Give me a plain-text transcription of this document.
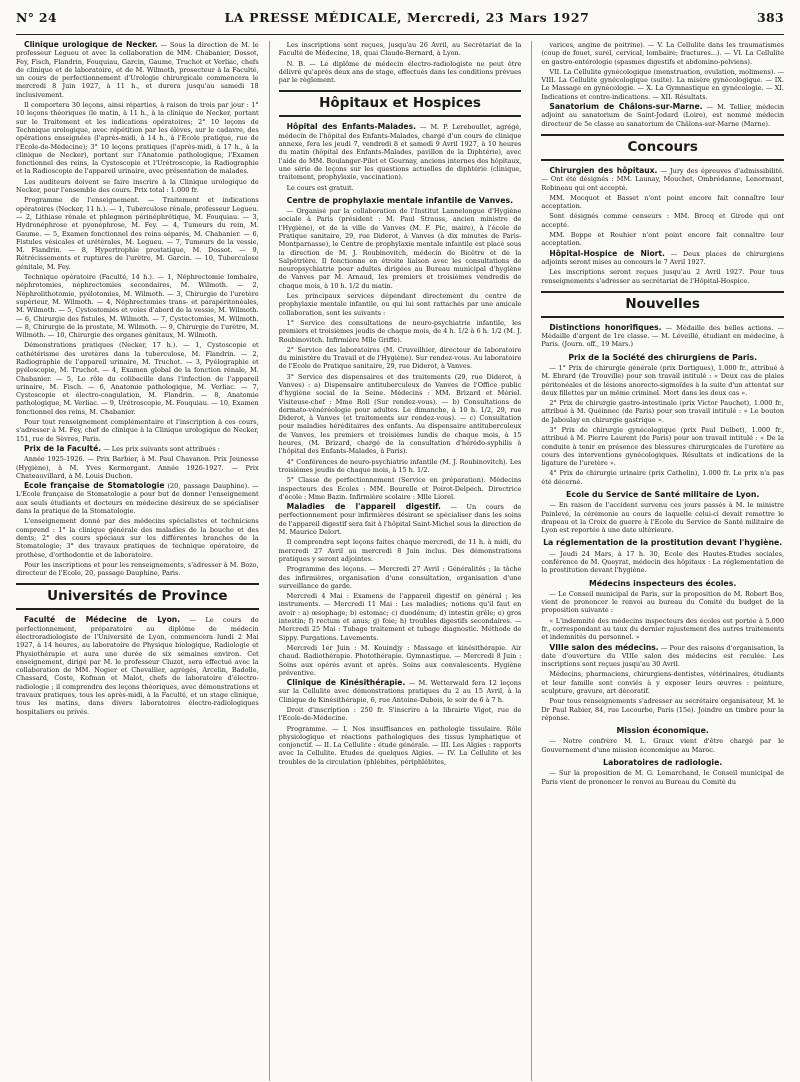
N° 24	LA PRESSE MÉDICALE, Mercredi, 23 Mars 1927	383

Clinique urologique de Necker. — Sous la direction de M. le professeur Legueu et avec la collaboration de MM. Chabanier, Dossot, Fey, Fisch, Flandrin, Fouquiau, Garcin, Gaume, Truchot et Verliac, chefs de clinique et de laboratoire, et de M. Wilmoth, prosecteur à la Faculté, un cours de perfectionnement d'Urologie chirurgicale commencera le mercredi 8 Juin 1927, à 11 h., et durera jusqu'au samedi 18 inclusivement.

Il comportera 30 leçons, ainsi réparties, à raison de trois par jour : 1° 10 leçons théoriques (le matin, à 11 h., à la clinique de Necker, portant sur le Traitement et les indications opératoires; 2° 10 leçons de Technique urologique, avec répétition par les élèves, sur le cadavre, des opérations enseignées (l'après-midi, à 14 h., à l'Ecole pratique, rue de l'Ecole-de-Médecine); 3° 10 leçons pratiques (l'après-midi, à 17 h., à la clinique de Necker), portant sur l'Anatomie pathologique, l'Examen fonctionnel des reins, la Cystoscopie et l'Urétroscopie, la Radiographie et la Radioscopie de l'appareil urinaire, avec présentation de malades.

Les auditeurs doivent se faire inscrire à la Clinique urologique de Necker, pour l'ensemble des cours. Prix total : 1.000 fr.

Programme de l'enseignement. — Traitement et indications opératoires (Necker, 11 h.). — 1, Tuberculose rénale, professeur Legueu. — 2, Lithiase rénale et phlegmon périnéphrétique, M. Fouquiau. — 3, Hydronéphrose et pyonéphrose, M. Fey. — 4, Tumeurs du rein, M. Gaume. — 5, Examen fonctionnel des reins séparés, M. Chabanier. — 6, Fistules vésicales et urétérales, M. Legueu. — 7, Tumeurs de la vessie, M. Flandrin. — 8, Hypertrophie prostatique, M. Dossot. — 9, Rétrécissements et ruptures de l'urètre, M. Garcin. — 10, Tuberculose génitale, M. Fey.

Technique opératoire (Faculté, 14 h.). — 1, Néphrectomie lombaire, néphrotomies, néphrectomies secondaires, M. Wilmoth. — 2, Néphrolithotomie, pyélotomies, M. Wilmoth. — 3, Chirurgie de l'uretère supérieur, M. Wilmoth. — 4, Néphrectomies trans- et parapéritonéales, M. Wilmoth. — 5, Cystostomies et voies d'abord de la vessie, M. Wilmoth. — 6, Chirurgie des fistules, M. Wilmoth. — 7, Cystectomies, M. Wilmoth. — 8, Chirurgie de la prostate, M. Wilmoth. — 9, Chirurgie de l'urètre, M. Wilmoth. — 10, Chirurgie des organes génitaux, M. Wilmoth.

Démonstrations pratiques (Necker, 17 h.). — 1, Cystoscopie et cathétérisme des uretères dans la tuberculose, M. Flandrin. — 2, Radiographie de l'appareil urinaire, M. Truchot. — 3, Pyélographie et pyéloscopie, M. Truchot. — 4, Examen global de la fonction rénale, M. Chabanier. — 5, Le rôle du colibacille dans l'infection de l'appareil urinaire, M. Fisch. — 6, Anatomie pathologique, M. Verliac. — 7, Cystoscopie et électro-coagulation, M. Flandrin. — 8, Anatomie pathologique, M. Verliac. — 9, Urétroscopie, M. Fouquiau. — 10, Examen fonctionnel des reins, M. Chabanier.

Pour tout renseignement complémentaire et l'inscription à ces cours, s'adresser à M. Fey, chef de clinique à la Clinique urologique de Necker, 151, rue de Sèvres, Paris.

Prix de la Faculté. — Les prix suivants sont attribués :

Année 1925-1926. — Prix Barbier, à M. Paul Chavanon. Prix Jeunesse (Hygiène), à M. Yves Kermorgant. Année 1926-1927. — Prix Chateauvillard, à M. Louis Duchon.

Ecole française de Stomatologie (20, passage Dauphine). — L'Ecole française de Stomatologie a pour but de donner l'enseignement aux seuls étudiants et docteurs en médecine désireux de se spécialiser dans la pratique de la Stomatologie.

L'enseignement donné par des médecins spécialistes et techniciens comprend : 1° la clinique générale des maladies de la bouche et des dents; 2° des cours spéciaux sur les différentes branches de la Stomatologie; 3° des travaux pratiques de technique opératoire, de prothèse, d'orthodontie et de laboratoire.

Pour les inscriptions et pour les renseignements, s'adresser à M. Bozo, directeur de l'Ecole, 20, passage Dauphine, Paris.

Universités de Province

Faculté de Médecine de Lyon. — Le cours de perfectionnement, préparatoire au diplôme de médecin électroradiologiste de l'Université de Lyon, commencera lundi 2 Mai 1927, à 14 heures, au laboratoire de Physique biologique, Radiologie et Physiothérapie et aura une durée de six semaines environ. Cet enseignement, dirigé par M. le professeur Cluzet, sera effectué avec la collaboration de MM. Nogier et Chevallier, agrégés, Arcelin, Badolle, Chassard, Coste, Kofman et Malot, chefs de laboratoire d'électro-radiologie ; il comprendra des leçons théoriques, avec démonstrations et travaux pratiques, tous les après-midi, à la Faculté, et un stage clinique, tous les matins, dans divers laboratoires électro-radiologiques hospitaliers ou privés.

Les inscriptions sont reçues, jusqu'au 26 Avril, au Secrétariat de la Faculté de Médecine, 18, quai Claude-Bernard, à Lyon.

N. B. — Le diplôme de médecin électro-radiologiste ne peut être délivré qu'après deux ans de stage, effectués dans les conditions prévues par le règlement.

Hôpitaux et Hospices

Hôpital des Enfants-Malades. — M. P. Lereboullet, agrégé, médecin de l'hôpital des Enfants-Malades, chargé d'un cours de clinique annexe, fera les jeudi 7, vendredi 8 et samedi 9 Avril 1927, à 10 heures du matin (hôpital des Enfants-Malades, pavillon de la Diphtérie), avec l'aide de MM. Boulanger-Pilet et Gournay, anciens internes des hôpitaux, une série de leçons sur les questions actuelles de diphtérie (clinique, traitement, prophylaxie, vaccination).

Le cours est gratuit.

Centre de prophylaxie mentale infantile de Vanves.

— Organisé par la collaboration de l'Institut Lannelongue d'Hygiène sociale à Paris (président : M. Paul Strauss, ancien ministre de l'Hygiène), et de la ville de Vanves (M. F. Pic, maire), à l'école de Pratique sanitaire, 29, rue Diderot, à Vanves (à dix minutes de Paris-Montparnasse), le Centre de prophylaxie mentale infantile est placé sous la direction de M. J. Roubinovitch, médecin de Bicêtre et de la Salpêtrière. Il fonctionne en étroite liaison avec les consultations de neuropsychiatrie pour adultes dirigées au Bureau municipal d'hygiène de Vanves par M. Arnaud, les premiers et troisièmes vendredis de chaque mois, à 10 h. 1/2 du matin.

Les principaux services dépendant directement du centre de prophylaxie mentale infantile, ou qui lui sont rattachés par une amicale collaboration, sont les suivants :

1° Service des consultations de neuro-psychiatrie infantile, les premiers et troisièmes jeudis de chaque mois, de 4 h. 1/2 à 6 h. 1/2 (M. J. Roubinovitch. Infirmière Mlle Griffe).

2° Service des laboratoires (M. Cruveilhier, directeur de laboratoire du ministère du Travail et de l'Hygiène). Sur rendez-vous. Au laboratoire de l'Ecole de Pratique sanitaire, 29, rue Diderot, à Vanves.

3° Service des dispensaires et des traitements (29, rue Diderot, à Vanves) : a) Dispensaire antituberculeux de Vanves de l'Office public d'hygiène social de la Seine. Médecins : MM. Brizard et Mériel. Visiteuse-chef : Mme Roll (Sur rendez-vous). — b) Consultations de dermato-vénéréologie pour adultes. Le dimanche, à 10 h. 1/2, 29, rue Diderot, à Vanves (et traitements sur rendez-vous). — c) Consultation pour maladies héréditaires des enfants. Au dispensaire antituberculeux de Vanves, les premiers et troisièmes lundis de chaque mois, à 15 heures, (M. Brizard, chargé de la consultation d'hérédo-syphilis à l'hôpital des Enfants-Malades, à Paris).

4° Conférences de neuro-psychiatrie infantile (M. J. Roubinovitch). Les troisièmes jeudis de chaque mois, à 15 h. 1/2.

5° Classe de perfectionnement (Service en préparation). Médecins inspecteurs des Ecoles : MM. Bourelle et Poirot-Delpech. Directrice d'école : Mme Bazin. Infirmière scolaire : Mlle Liorel.

Maladies de l'appareil digestif. — Un cours de perfectionnement pour infirmières désirant se spécialiser dans les soins de l'appareil digestif sera fait à l'hôpital Saint-Michel sous la direction de M. Maurice Delort.

Il comprendra sept leçons faites chaque mercredi, de 11 h. à midi, du mercredi 27 Avril au mercredi 8 Juin inclus. Des démonstrations pratiques y seront adjointes.

Programme des leçons. — Mercredi 27 Avril : Généralités ; la tâche des infirmières, organisation d'une consultation, organisation d'une surveillance de garde.

Mercredi 4 Mai : Examens de l'appareil digestif en général ; les instruments. — Mercredi 11 Mai : Les maladies; notions qu'il faut en avoir : a) œsophage; b) estomac; c) duodénum; d) intestin grêle; e) gros intestin; f) rectum et anus; g) foie; h) troubles digestifs secondaires. — Mercredi 25 Mai : Tubage traitement et tubage diagnostic. Méthode de Sippy. Purgations. Lavements.

Mercredi 1er Juin : M. Kouindjy : Massage et kinésithérapie. Air chaud. Radiothérapie. Photothérapie. Gymnastique. — Mercredi 8 Juin : Soins aux opérés avant et après. Soins aux convalescents. Hygiène préventive.

Clinique de Kinésithérapie. — M. Wetterwald fera 12 leçons sur la Cellulite avec démonstrations pratiques du 2 au 15 Avril, à la Clinique de Kinésithérapie, 6, rue Antoine-Dubois, le soir de 6 à 7 h.

Droit d'inscription : 250 fr. S'inscrire à la librairie Vigot, rue de l'Ecole-de-Médecine.

Programme. — I. Nos insuffisances en pathologie tissulaire. Rôle physiologique et réactions pathologiques des tissus lymphatique et conjonctif. — II. La Cellulite : étude générale. — III. Les Algies : rapports avec la Cellulite. Etudes de quelques Algies. — IV. La Cellulite et les troubles de la circulation (phlébites, périphlébites,

varices, angine de poitrine). — V. La Cellulite dans les traumatismes (coup de fouet, surel, cervical, lombaire; fractures...). — VI. La Cellulite en gastro-entérologie (spasmes digestifs et abdomino-pelviens).

VII. La Cellulite gynécologique (menstruation, ovulation, molimens). — VIII. La Cellulite gynécologique (suite). La misère gynécologique. — IX. Le Massage en gynécologie. — X. La Gymnastique en gynécologie. — XI. Indications et contre-indications. — XII. Résultats.

Sanatorium de Châlons-sur-Marne. — M. Tellier, médecin adjoint au sanatorium de Saint-Jodard (Loire), est nommé médecin directeur de 5e classe au sanatorium de Châlons-sur-Marne (Marne).

Concours

Chirurgien des hôpitaux. — Jury des épreuves d'admissibilité. — Ont été désignés : MM. Launay, Mouchet, Ombrédanne, Lenormant, Robineau qui ont accepté.

MM. Mocquot et Basset n'ont point encore fait connaître leur acceptation.

Sont désignés comme censeurs : MM. Brocq et Girode qui ont accepté.

MM. Boppe et Rouhier n'ont point encore fait connaître leur acceptation.

Hôpital-Hospice de Niort. — Deux places de chirurgiens adjoints seront mises au concours le 7 Avril 1927.

Les inscriptions seront reçues jusqu'au 2 Avril 1927. Pour tous renseignements s'adresser au secrétariat de l'Hôpital-Hospice.

Nouvelles

Distinctions honorifiques. — Médaille des belles actions. — Médaille d'argent de 1re classe. — M. Léveillé, étudiant en médecine, à Paris. (Journ. off., 19 Mars.)

Prix de la Société des chirurgiens de Paris.

— 1° Prix de chirurgie générale (prix Dortigues), 1.000 fr., attribué à M. Ebrard (de Trouville) pour son travail intitulé : « Deux cas de plaies péritonéales et de lésions anorecto-sigmoïdes à la suite d'un attentat sur deux fillettes par un même criminel. Mort dans les deux cas ».

2° Prix de chirurgie gastro-intestinale (prix Victor Pauchet), 1.000 fr., attribué à M. Quéinnec (de Paris) pour son travail intitulé : « Le bouton de Jaboulay en chirurgie gastrique ».

3° Prix de chirurgie gynécologique (prix Paul Delbet), 1.000 fr., attribué à M. Pierre Laurent (de Paris) pour son travail intitulé : « De la conduite à tenir en présence des blessures chirurgicales de l'uretère au cours des interventions gynécologiques. Résultats et indications de la ligature de l'uretère ».

4° Prix de chirurgie urinaire (prix Cathelin), 1.000 fr. Le prix n'a pas été décerné.

Ecole du Service de Santé militaire de Lyon.

— En raison de l'accident survenu ces jours passés à M. le ministre Painlevé, la cérémonie au cours de laquelle celui-ci devait remettre le drapeau et la Croix de guerre à l'Ecole du Service de Santé militaire de Lyon est reportée à une date ultérieure.

La réglementation de la prostitution devant l'hygiène.

— Jeudi 24 Mars, à 17 h. 30, Ecole des Hautes-Etudes sociales, conférence de M. Queyrat, médecin des hôpitaux : La réglementation de la prostitution devant l'hygiène.

Médecins inspecteurs des écoles.

— Le Conseil municipal de Paris, sur la proposition de M. Robert Bos, vient de prononcer le renvoi au bureau du Comité du budget de la proposition suivante :

« L'indemnité des médecins inspecteurs des écoles est portée à 5.000 fr., correspondant au taux du dernier rajustement des autres traitements et indemnités du personnel. »

VIIIe salon des médecins. — Pour des raisons d'organisation, la date d'ouverture du VIIIe salon des médecins est reculée. Les inscriptions sont reçues jusqu'au 30 Avril.

Médecins, pharmaciens, chirurgiens-dentistes, vétérinaires, étudiants et leur famille sont conviés à y exposer leurs œuvres : peinture, sculpture, gravure, art décoratif.

Pour tous renseignements s'adresser au secrétaire organisateur, M. le Dr Paul Rabier, 84, rue Lecourbe, Paris (15e). Joindre un timbre pour la réponse.

Mission économique.

— Notre confrère M. L. Graux vient d'être chargé par le Gouvernement d'une mission économique au Maroc.

Laboratoires de radiologie.

— Sur la proposition de M. G. Lemarchand, le Conseil municipal de Paris vient de prononcer le renvoi au Bureau du Comité du
